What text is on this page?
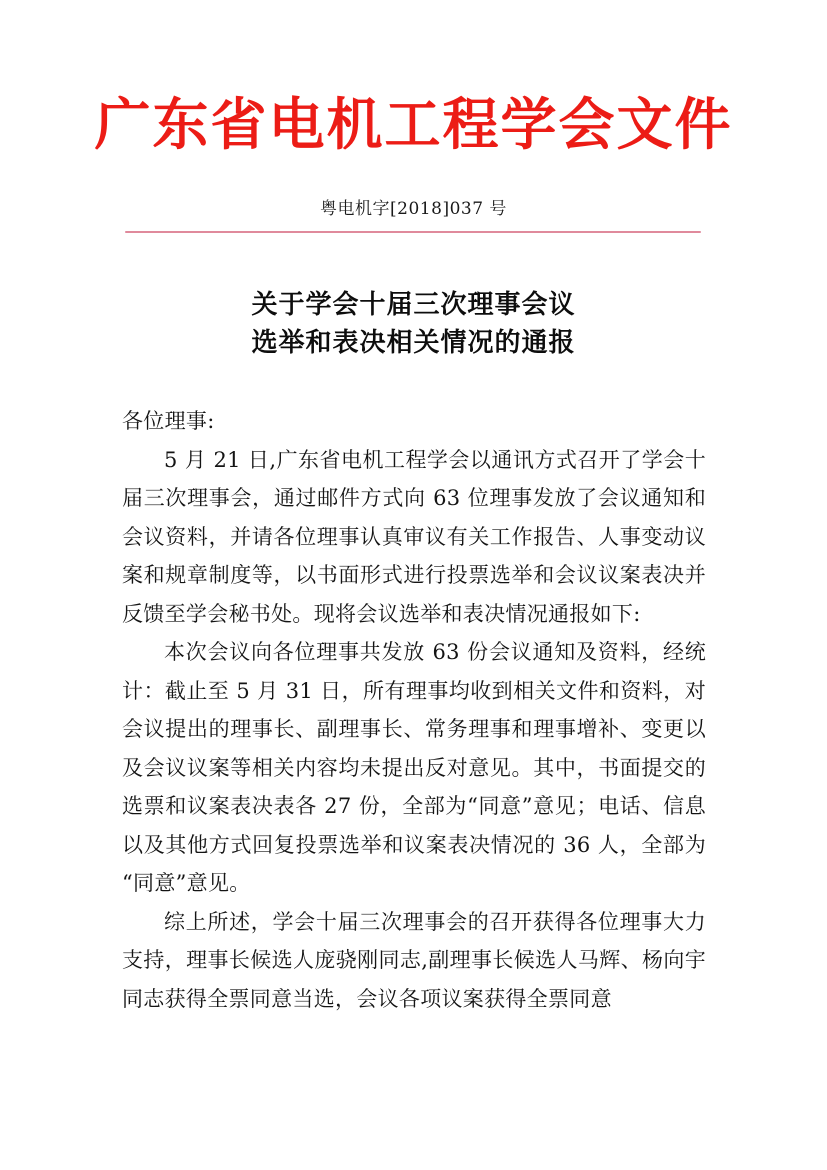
广东省电机工程学会文件
粤电机字[2018]037 号
关于学会十届三次理事会议
选举和表决相关情况的通报

各位理事:

5 月 21 日,广东省电机工程学会以通讯方式召开了学会十届三次理事会，通过邮件方式向 63 位理事发放了会议通知和会议资料，并请各位理事认真审议有关工作报告、人事变动议案和规章制度等，以书面形式进行投票选举和会议议案表决并反馈至学会秘书处。现将会议选举和表决情况通报如下:

本次会议向各位理事共发放 63 份会议通知及资料，经统计：截止至 5 月 31 日，所有理事均收到相关文件和资料，对会议提出的理事长、副理事长、常务理事和理事增补、变更以及会议议案等相关内容均未提出反对意见。其中，书面提交的选票和议案表决表各 27 份，全部为“同意”意见；电话、信息以及其他方式回复投票选举和议案表决情况的 36 人，全部为“同意”意见。

综上所述，学会十届三次理事会的召开获得各位理事大力支持，理事长候选人庞骁刚同志,副理事长候选人马辉、杨向宇同志获得全票同意当选，会议各项议案获得全票同意
